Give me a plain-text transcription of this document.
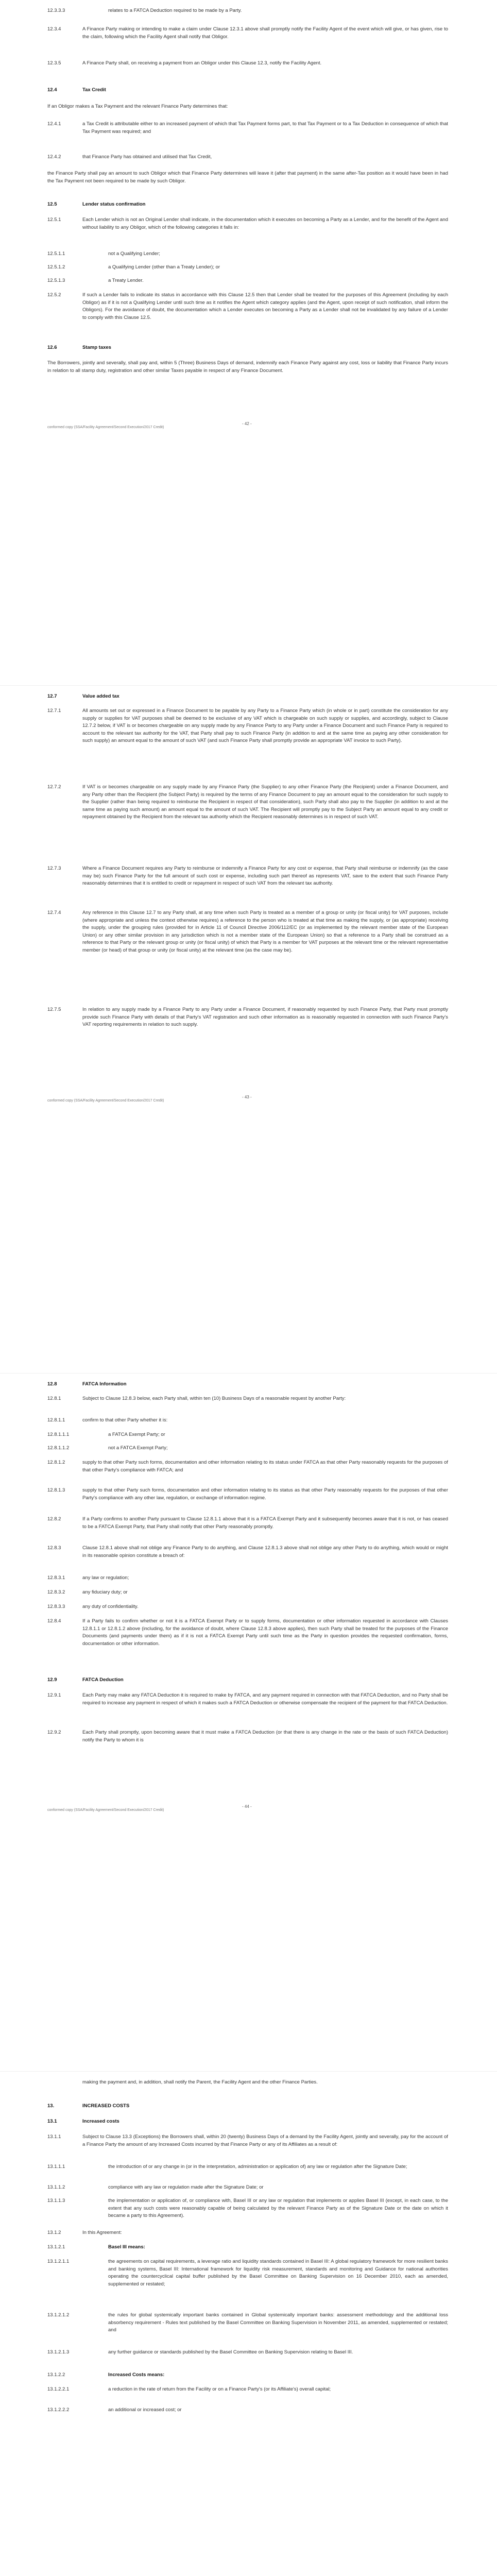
12.3.3.3	relates to a FATCA Deduction required to be made by a Party.
12.3.4	A Finance Party making or intending to make a claim under Clause 12.3.1 above shall promptly notify the Facility Agent of the event which will give, or has given, rise to the claim, following which the Facility Agent shall notify that Obligor.
12.3.5	A Finance Party shall, on receiving a payment from an Obligor under this Clause 12.3, notify the Facility Agent.
12.4	Tax Credit
If an Obligor makes a Tax Payment and the relevant Finance Party determines that:
12.4.1	a Tax Credit is attributable either to an increased payment of which that Tax Payment forms part, to that Tax Payment or to a Tax Deduction in consequence of which that Tax Payment was required; and
12.4.2	that Finance Party has obtained and utilised that Tax Credit,
the Finance Party shall pay an amount to such Obligor which that Finance Party determines will leave it (after that payment) in the same after-Tax position as it would have been in had the Tax Payment not been required to be made by such Obligor.
12.5	Lender status confirmation
12.5.1	Each Lender which is not an Original Lender shall indicate, in the documentation which it executes on becoming a Party as a Lender, and for the benefit of the Agent and without liability to any Obligor, which of the following categories it falls in:
12.5.1.1	not a Qualifying Lender;
12.5.1.2	a Qualifying Lender (other than a Treaty Lender); or
12.5.1.3	a Treaty Lender.
12.5.2	If such a Lender fails to indicate its status in accordance with this Clause 12.5 then that Lender shall be treated for the purposes of this Agreement (including by each Obligor) as if it is not a Qualifying Lender until such time as it notifies the Agent which category applies (and the Agent, upon receipt of such notification, shall inform the Obligors). For the avoidance of doubt, the documentation which a Lender executes on becoming a Party as a Lender shall not be invalidated by any failure of a Lender to comply with this Clause 12.5.
12.6	Stamp taxes
The Borrowers, jointly and severally, shall pay and, within 5 (Three) Business Days of demand, indemnify each Finance Party against any cost, loss or liability that Finance Party incurs in relation to all stamp duty, registration and other similar Taxes payable in respect of any Finance Document.
conformed copy (SSA/Facility Agreement/Second Execution/2017 Credit)
- 42 -
12.7	Value added tax
12.7.1	All amounts set out or expressed in a Finance Document to be payable by any Party to a Finance Party which (in whole or in part) constitute the consideration for any supply or supplies for VAT purposes shall be deemed to be exclusive of any VAT which is chargeable on such supply or supplies, and accordingly, subject to Clause 12.7.2 below, if VAT is or becomes chargeable on any supply made by any Finance Party to any Party under a Finance Document and such Finance Party is required to account to the relevant tax authority for the VAT, that Party shall pay to such Finance Party (in addition to and at the same time as paying any other consideration for such supply) an amount equal to the amount of such VAT (and such Finance Party shall promptly provide an appropriate VAT invoice to such Party).
12.7.2	If VAT is or becomes chargeable on any supply made by any Finance Party (the Supplier) to any other Finance Party (the Recipient) under a Finance Document, and any Party other than the Recipient (the Subject Party) is required by the terms of any Finance Document to pay an amount equal to the consideration for such supply to the Supplier (rather than being required to reimburse the Recipient in respect of that consideration), such Party shall also pay to the Supplier (in addition to and at the same time as paying such amount) an amount equal to the amount of such VAT. The Recipient will promptly pay to the Subject Party an amount equal to any credit or repayment obtained by the Recipient from the relevant tax authority which the Recipient reasonably determines is in respect of such VAT.
12.7.3	Where a Finance Document requires any Party to reimburse or indemnify a Finance Party for any cost or expense, that Party shall reimburse or indemnify (as the case may be) such Finance Party for the full amount of such cost or expense, including such part thereof as represents VAT, save to the extent that such Finance Party reasonably determines that it is entitled to credit or repayment in respect of such VAT from the relevant tax authority.
12.7.4	Any reference in this Clause 12.7 to any Party shall, at any time when such Party is treated as a member of a group or unity (or fiscal unity) for VAT purposes, include (where appropriate and unless the context otherwise requires) a reference to the person who is treated at that time as making the supply, or (as appropriate) receiving the supply, under the grouping rules (provided for in Article 11 of Council Directive 2006/112/EC (or as implemented by the relevant member state of the European Union) or any other similar provision in any jurisdiction which is not a member state of the European Union) so that a reference to a Party shall be construed as a reference to that Party or the relevant group or unity (or fiscal unity) of which that Party is a member for VAT purposes at the relevant time or the relevant representative member (or head) of that group or unity (or fiscal unity) at the relevant time (as the case may be).
12.7.5	In relation to any supply made by a Finance Party to any Party under a Finance Document, if reasonably requested by such Finance Party, that Party must promptly provide such Finance Party with details of that Party's VAT registration and such other information as is reasonably requested in connection with such Finance Party's VAT reporting requirements in relation to such supply.
conformed copy (SSA/Facility Agreement/Second Execution/2017 Credit)
- 43 -
12.8	FATCA Information
12.8.1	Subject to Clause 12.8.3 below, each Party shall, within ten (10) Business Days of a reasonable request by another Party:
12.8.1.1	confirm to that other Party whether it is:
12.8.1.1.1	a FATCA Exempt Party; or
12.8.1.1.2	not a FATCA Exempt Party;
12.8.1.2	supply to that other Party such forms, documentation and other information relating to its status under FATCA as that other Party reasonably requests for the purposes of that other Party's compliance with FATCA; and
12.8.1.3	supply to that other Party such forms, documentation and other information relating to its status as that other Party reasonably requests for the purposes of that other Party's compliance with any other law, regulation, or exchange of information regime.
12.8.2	If a Party confirms to another Party pursuant to Clause 12.8.1.1 above that it is a FATCA Exempt Party and it subsequently becomes aware that it is not, or has ceased to be a FATCA Exempt Party, that Party shall notify that other Party reasonably promptly.
12.8.3	Clause 12.8.1 above shall not oblige any Finance Party to do anything, and Clause 12.8.1.3 above shall not oblige any other Party to do anything, which would or might in its reasonable opinion constitute a breach of:
12.8.3.1	any law or regulation;
12.8.3.2	any fiduciary duty; or
12.8.3.3	any duty of confidentiality.
12.8.4	If a Party fails to confirm whether or not it is a FATCA Exempt Party or to supply forms, documentation or other information requested in accordance with Clauses 12.8.1.1 or 12.8.1.2 above (including, for the avoidance of doubt, where Clause 12.8.3 above applies), then such Party shall be treated for the purposes of the Finance Documents (and payments under them) as if it is not a FATCA Exempt Party until such time as the Party in question provides the requested confirmation, forms, documentation or other information.
12.9	FATCA Deduction
12.9.1	Each Party may make any FATCA Deduction it is required to make by FATCA, and any payment required in connection with that FATCA Deduction, and no Party shall be required to increase any payment in respect of which it makes such a FATCA Deduction or otherwise compensate the recipient of the payment for that FATCA Deduction.
12.9.2	Each Party shall promptly, upon becoming aware that it must make a FATCA Deduction (or that there is any change in the rate or the basis of such FATCA Deduction) notify the Party to whom it is
conformed copy (SSA/Facility Agreement/Second Execution/2017 Credit)
- 44 -
making the payment and, in addition, shall notify the Parent, the Facility Agent and the other Finance Parties.
13.	INCREASED COSTS
13.1	Increased costs
13.1.1	Subject to Clause 13.3 (Exceptions) the Borrowers shall, within 20 (twenty) Business Days of a demand by the Facility Agent, jointly and severally, pay for the account of a Finance Party the amount of any Increased Costs incurred by that Finance Party or any of its Affiliates as a result of:
13.1.1.1	the introduction of or any change in (or in the interpretation, administration or application of) any law or regulation after the Signature Date;
13.1.1.2	compliance with any law or regulation made after the Signature Date; or
13.1.1.3	the implementation or application of, or compliance with, Basel III or any law or regulation that implements or applies Basel III (except, in each case, to the extent that any such costs were reasonably capable of being calculated by the relevant Finance Party as of the Signature Date or the date on which it became a party to this Agreement).
13.1.2	In this Agreement:
13.1.2.1	Basel III means:
13.1.2.1.1	the agreements on capital requirements, a leverage ratio and liquidity standards contained in Basel III: A global regulatory framework for more resilient banks and banking systems, Basel III: International framework for liquidity risk measurement, standards and monitoring and Guidance for national authorities operating the countercyclical capital buffer published by the Basel Committee on Banking Supervision on 16 December 2010, each as amended, supplemented or restated;
13.1.2.1.2	the rules for global systemically important banks contained in Global systemically important banks: assessment methodology and the additional loss absorbency requirement - Rules text published by the Basel Committee on Banking Supervision in November 2011, as amended, supplemented or restated; and
13.1.2.1.3	any further guidance or standards published by the Basel Committee on Banking Supervision relating to Basel III.
13.1.2.2	Increased Costs means:
13.1.2.2.1	a reduction in the rate of return from the Facility or on a Finance Party's (or its Affiliate's) overall capital;
13.1.2.2.2	an additional or increased cost; or
